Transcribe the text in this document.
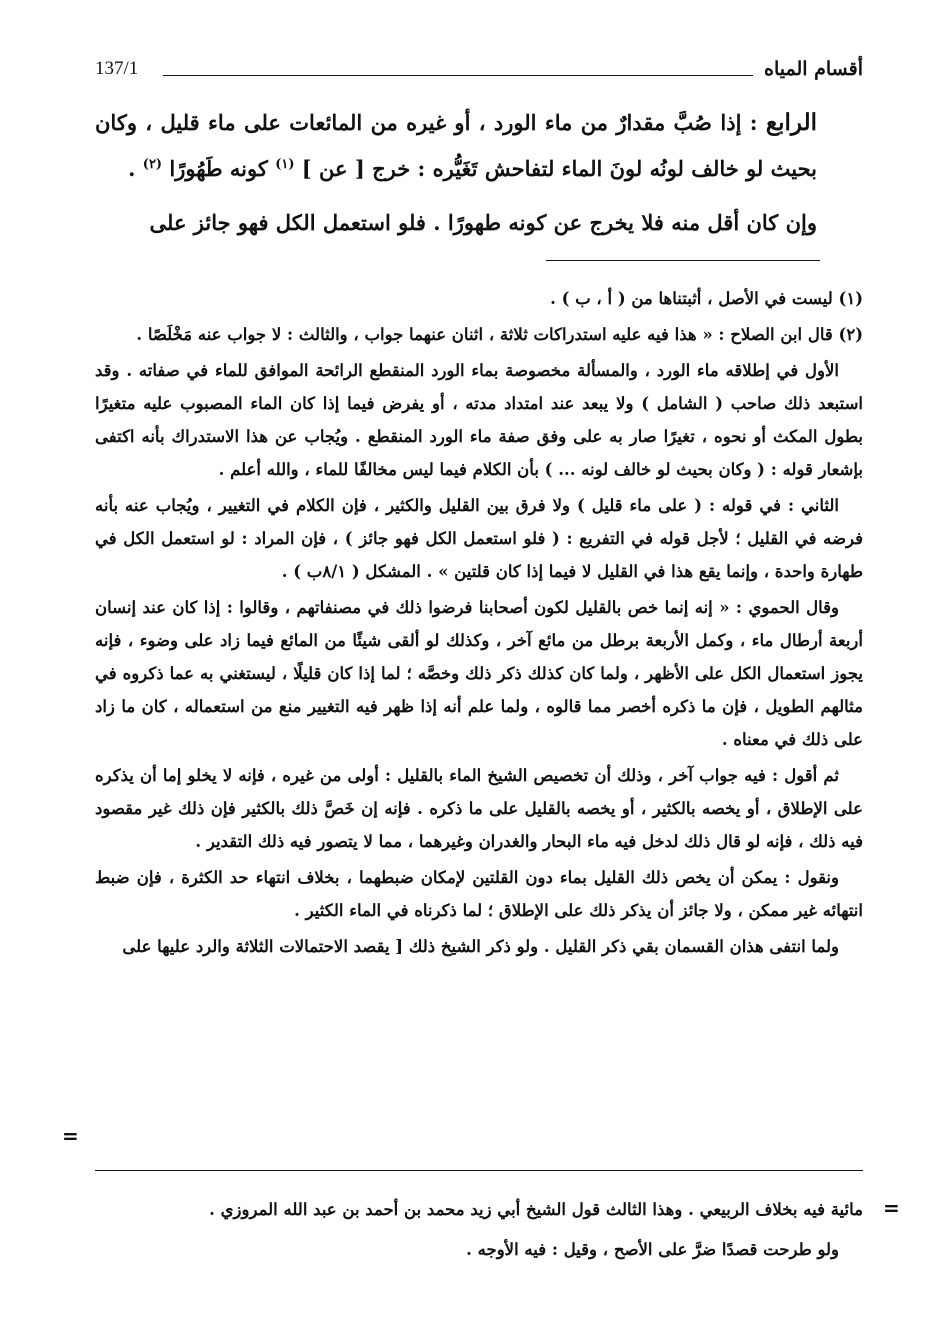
أقسام المياه
137/1

الرابع : إذا صُبَّ مقدارٌ من ماء الورد ، أو غيره من المائعات على ماء قليل ، وكان بحيث لو خالف لونُه لونَ الماء لتفاحش تَغَيُّره : خرج [ عن ] $^{(١)}$ كونه طَهُورًا $^{(٢)}$ .

وإن كان أقل منه فلا يخرج عن كونه طهورًا . فلو استعمل الكل فهو جائز على

(١) ليست في الأصل ، أثبتناها من ( أ ، ب ) .

(٢) قال ابن الصلاح : « هذا فيه عليه استدراكات ثلاثة ، اثنان عنهما جواب ، والثالث : لا جواب عنه مَخْلَصًا .

الأول في إطلاقه ماء الورد ، والمسألة مخصوصة بماء الورد المنقطع الرائحة الموافق للماء في صفاته . وقد استبعد ذلك صاحب ( الشامل ) ولا يبعد عند امتداد مدته ، أو يفرض فيما إذا كان الماء المصبوب عليه متغيرًا بطول المكث أو نحوه ، تغيرًا صار به على وفق صفة ماء الورد المنقطع . ويُجاب عن هذا الاستدراك بأنه اكتفى بإشعار قوله : ( وكان بحيث لو خالف لونه ... ) بأن الكلام فيما ليس مخالفًا للماء ، والله أعلم .

الثاني : في قوله : ( على ماء قليل ) ولا فرق بين القليل والكثير ، فإن الكلام في التغيير ، ويُجاب عنه بأنه فرضه في القليل ؛ لأجل قوله في التفريع : ( فلو استعمل الكل فهو جائز ) ، فإن المراد : لو استعمل الكل في طهارة واحدة ، وإنما يقع هذا في القليل لا فيما إذا كان قلتين » . المشكل ( ٨/١ب ) .

وقال الحموي : « إنه إنما خص بالقليل لكون أصحابنا فرضوا ذلك في مصنفاتهم ، وقالوا : إذا كان عند إنسان أربعة أرطال ماء ، وكمل الأربعة برطل من مائع آخر ، وكذلك لو ألقى شيئًا من المائع فيما زاد على وضوء ، فإنه يجوز استعمال الكل على الأظهر ، ولما كان كذلك ذكر ذلك وخصَّه ؛ لما إذا كان قليلًا ، ليستغني به عما ذكروه في مثالهم الطويل ، فإن ما ذكره أخصر مما قالوه ، ولما علم أنه إذا ظهر فيه التغيير منع من استعماله ، كان ما زاد على ذلك في معناه .

ثم أقول : فيه جواب آخر ، وذلك أن تخصيص الشيخ الماء بالقليل : أولى من غيره ، فإنه لا يخلو إما أن يذكره على الإطلاق ، أو يخصه بالكثير ، أو يخصه بالقليل على ما ذكره . فإنه إن خَصَّ ذلك بالكثير فإن ذلك غير مقصود فيه ذلك ، فإنه لو قال ذلك لدخل فيه ماء البحار والغدران وغيرهما ، مما لا يتصور فيه ذلك التقدير .

ونقول : يمكن أن يخص ذلك القليل بماء دون القلتين لإمكان ضبطهما ، بخلاف انتهاء حد الكثرة ، فإن ضبط انتهائه غير ممكن ، ولا جائز أن يذكر ذلك على الإطلاق ؛ لما ذكرناه في الماء الكثير .

ولما انتفى هذان القسمان بقي ذكر القليل . ولو ذكر الشيخ ذلك [ يقصد الاحتمالات الثلاثة والرد عليها على

=

مائية فيه بخلاف الربيعي . وهذا الثالث قول الشيخ أبي زيد محمد بن أحمد بن عبد الله المروزي .

ولو طرحت قصدًا ضرَّ على الأصح ، وقيل : فيه الأوجه .

=
